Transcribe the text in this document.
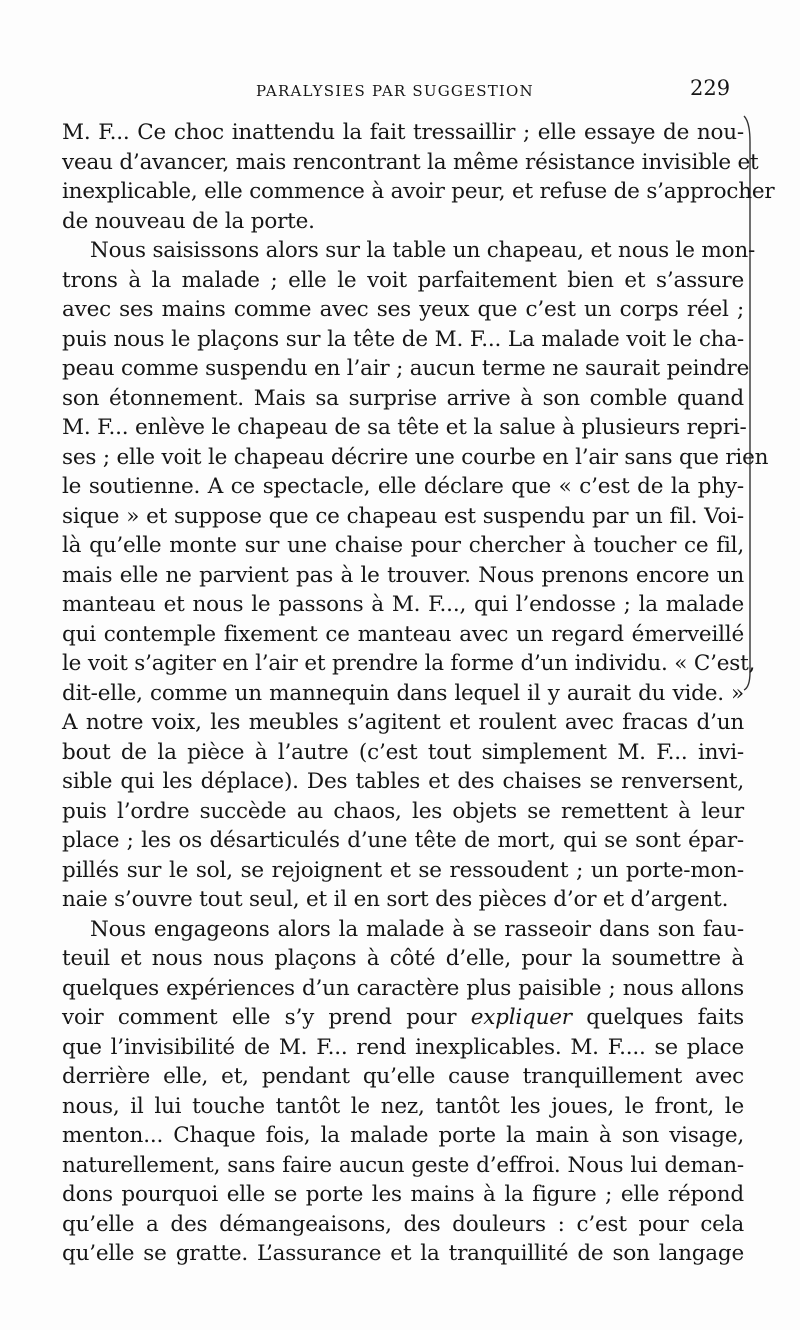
PARALYSIES PAR SUGGESTION	229
M. F... Ce choc inattendu la fait tressaillir ; elle essaye de nou-
veau d’avancer, mais rencontrant la même résistance invisible et
inexplicable, elle commence à avoir peur, et refuse de s’approcher
de nouveau de la porte.
Nous saisissons alors sur la table un chapeau, et nous le mon-
trons à la malade ; elle le voit parfaitement bien et s’assure
avec ses mains comme avec ses yeux que c’est un corps réel ;
puis nous le plaçons sur la tête de M. F... La malade voit le cha-
peau comme suspendu en l’air ; aucun terme ne saurait peindre
son étonnement. Mais sa surprise arrive à son comble quand
M. F... enlève le chapeau de sa tête et la salue à plusieurs repri-
ses ; elle voit le chapeau décrire une courbe en l’air sans que rien
le soutienne. A ce spectacle, elle déclare que « c’est de la phy-
sique » et suppose que ce chapeau est suspendu par un fil. Voi-
là qu’elle monte sur une chaise pour chercher à toucher ce fil,
mais elle ne parvient pas à le trouver. Nous prenons encore un
manteau et nous le passons à M. F..., qui l’endosse ; la malade
qui contemple fixement ce manteau avec un regard émerveillé
le voit s’agiter en l’air et prendre la forme d’un individu. « C’est,
dit-elle, comme un mannequin dans lequel il y aurait du vide. »
A notre voix, les meubles s’agitent et roulent avec fracas d’un
bout de la pièce à l’autre (c’est tout simplement M. F... invi-
sible qui les déplace). Des tables et des chaises se renversent,
puis l’ordre succède au chaos, les objets se remettent à leur
place ; les os désarticulés d’une tête de mort, qui se sont épar-
pillés sur le sol, se rejoignent et se ressoudent ; un porte-mon-
naie s’ouvre tout seul, et il en sort des pièces d’or et d’argent.
Nous engageons alors la malade à se rasseoir dans son fau-
teuil et nous nous plaçons à côté d’elle, pour la soumettre à
quelques expériences d’un caractère plus paisible ; nous allons
voir comment elle s’y prend pour expliquer quelques faits
que l’invisibilité de M. F... rend inexplicables. M. F.... se place
derrière elle, et, pendant qu’elle cause tranquillement avec
nous, il lui touche tantôt le nez, tantôt les joues, le front, le
menton... Chaque fois, la malade porte la main à son visage,
naturellement, sans faire aucun geste d’effroi. Nous lui deman-
dons pourquoi elle se porte les mains à la figure ; elle répond
qu’elle a des démangeaisons, des douleurs : c’est pour cela
qu’elle se gratte. L’assurance et la tranquillité de son langage
